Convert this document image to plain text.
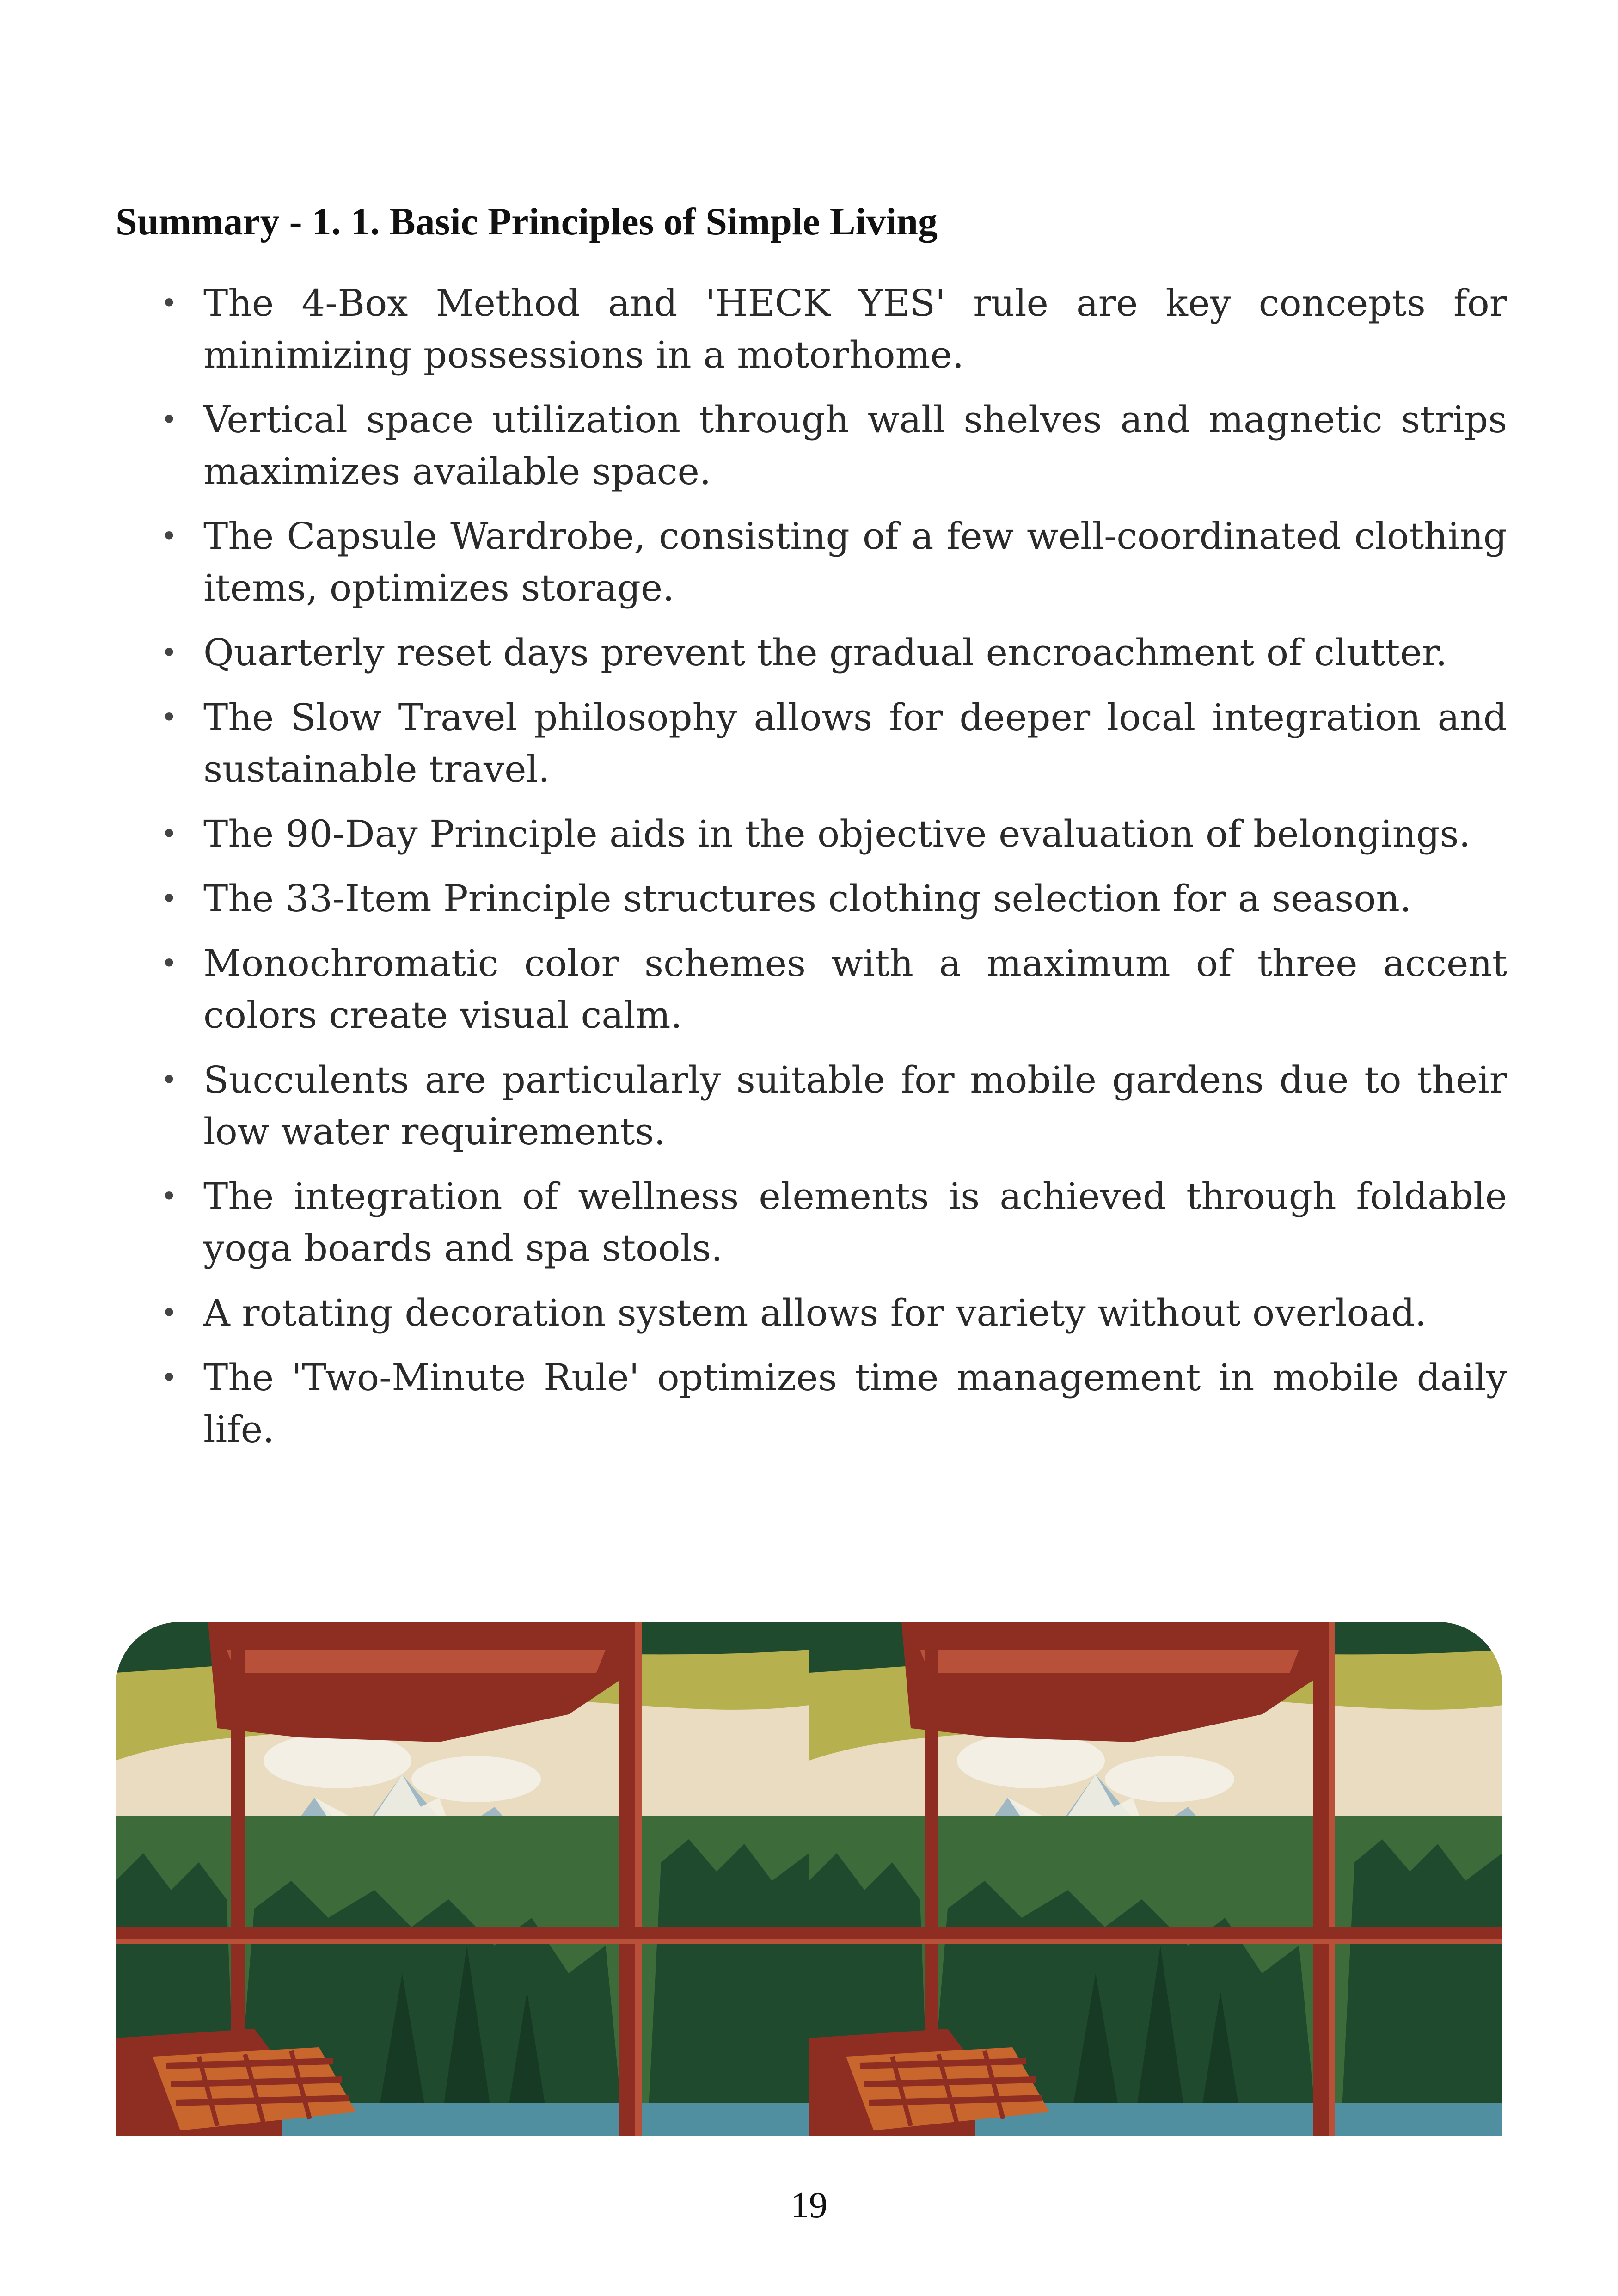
Summary - 1. 1. Basic Principles of Simple Living
• The 4-Box Method and 'HECK YES' rule are key concepts for minimizing possessions in a motorhome.
• Vertical space utilization through wall shelves and magnetic strips maximizes available space.
• The Capsule Wardrobe, consisting of a few well-coordinated clothing items, optimizes storage.
• Quarterly reset days prevent the gradual encroachment of clutter.
• The Slow Travel philosophy allows for deeper local integration and sustainable travel.
• The 90-Day Principle aids in the objective evaluation of belongings.
• The 33-Item Principle structures clothing selection for a season.
• Monochromatic color schemes with a maximum of three accent colors create visual calm.
• Succulents are particularly suitable for mobile gardens due to their low water requirements.
• The integration of wellness elements is achieved through foldable yoga boards and spa stools.
• A rotating decoration system allows for variety without overload.
• The 'Two-Minute Rule' optimizes time management in mobile daily life.
19
